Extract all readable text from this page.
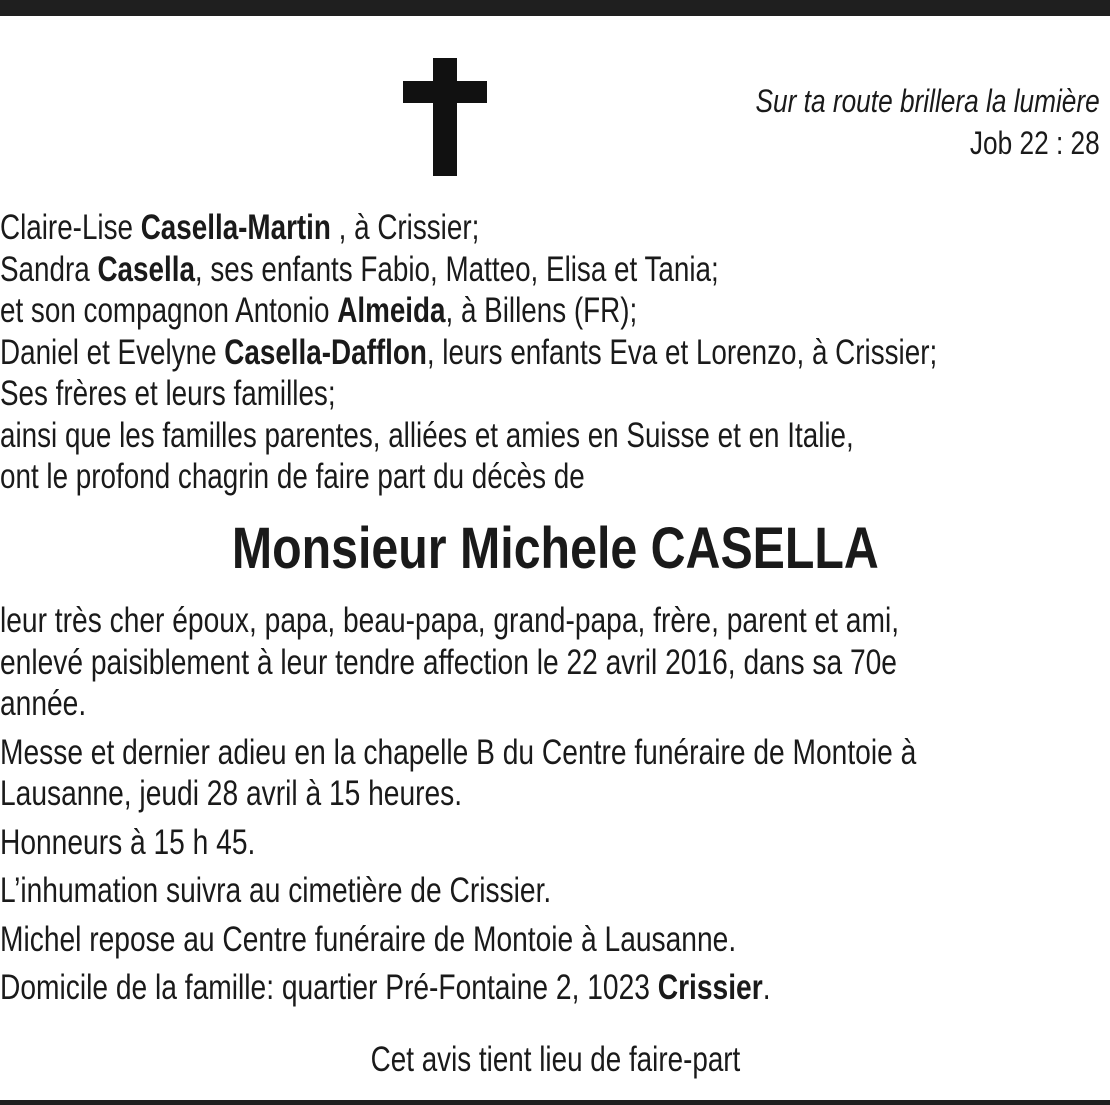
Sur ta route brillera la lumière
Job 22 : 28
Claire-Lise Casella-Martin , à Crissier;
Sandra Casella, ses enfants Fabio, Matteo, Elisa et Tania;
et son compagnon Antonio Almeida, à Billens (FR);
Daniel et Evelyne Casella-Dafflon, leurs enfants Eva et Lorenzo, à Crissier;
Ses frères et leurs familles;
ainsi que les familles parentes, alliées et amies en Suisse et en Italie,
ont le profond chagrin de faire part du décès de
Monsieur Michele CASELLA
leur très cher époux, papa, beau-papa, grand-papa, frère, parent et ami,
enlevé paisiblement à leur tendre affection le 22 avril 2016, dans sa 70e
année.
Messe et dernier adieu en la chapelle B du Centre funéraire de Montoie à
Lausanne, jeudi 28 avril à 15 heures.
Honneurs à 15 h 45.
L’inhumation suivra au cimetière de Crissier.
Michel repose au Centre funéraire de Montoie à Lausanne.
Domicile de la famille: quartier Pré-Fontaine 2, 1023 Crissier.
Cet avis tient lieu de faire-part
